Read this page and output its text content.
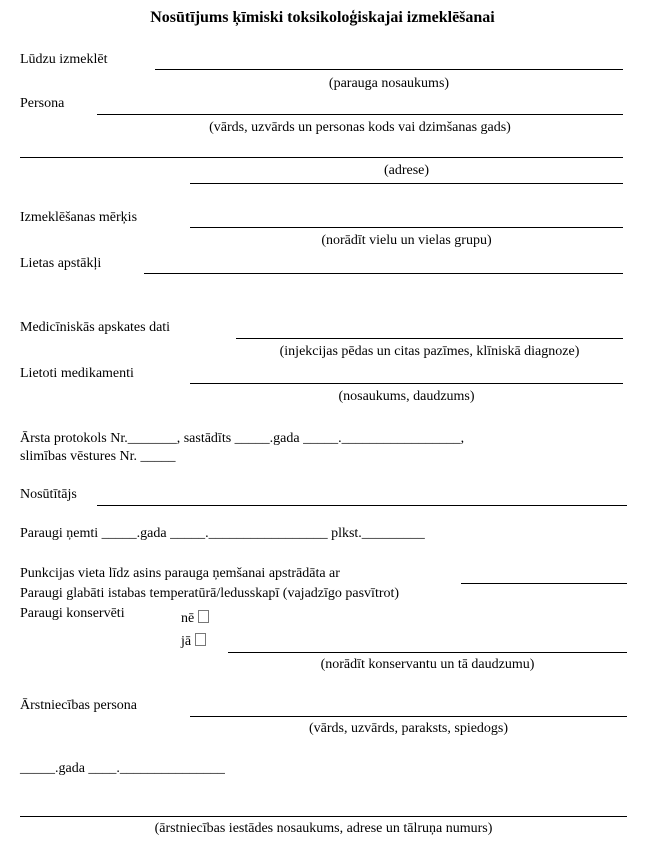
Nosūtījums ķīmiski toksikoloģiskajai izmeklēšanai
Lūdzu izmeklēt
(parauga nosaukums)
Persona
(vārds, uzvārds un personas kods vai dzimšanas gads)
(adrese)
Izmeklēšanas mērķis
(norādīt vielu un vielas grupu)
Lietas apstākļi
Medicīniskās apskates dati
(injekcijas pēdas un citas pazīmes, klīniskā diagnoze)
Lietoti medikamenti
(nosaukums, daudzums)
Ārsta protokols Nr._______, sastādīts _____.gada _____._________________,
slimības vēstures Nr. _____
Nosūtītājs
Paraugi ņemti _____.gada _____._________________ plkst._________
Punkcijas vieta līdz asins parauga ņemšanai apstrādāta ar
Paraugi glabāti istabas temperatūrā/ledusskapī (vajadzīgo pasvītrot)
Paraugi konservēti	nē
jā
(norādīt konservantu un tā daudzumu)
Ārstniecības persona
(vārds, uzvārds, paraksts, spiedogs)
_____.gada ____._______________
(ārstniecības iestādes nosaukums, adrese un tālruņa numurs)
